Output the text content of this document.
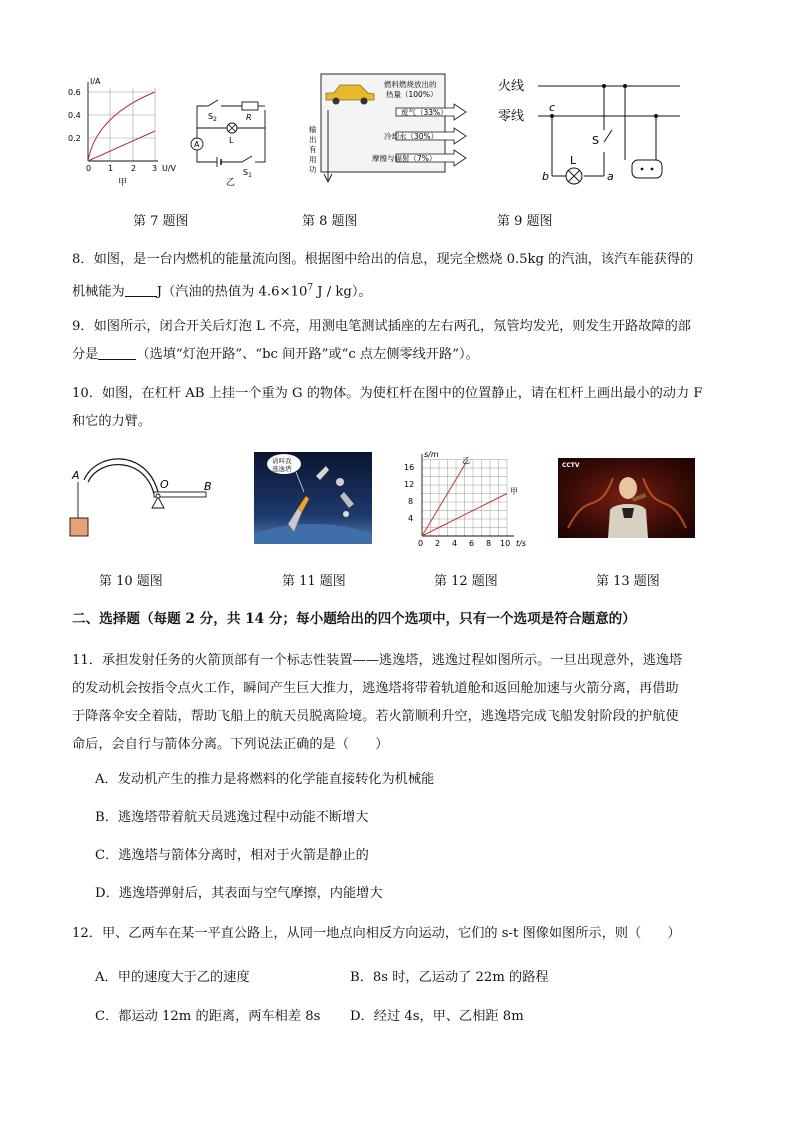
I/A
0.6
0.4
0.2
0 1 2 3 U/V
甲
A
$S_2$	R
L
$S_1$
乙
燃料燃烧放出的
热量（100%）
废气（33%）
冷却水（30%）
摩擦与辐射（7%）
输
出
有
用
功
火线
零线
c
S
L
b	a
第 7 题图	第 8 题图	第 9 题图
8．如图，是一台内燃机的能量流向图。根据图中给出的信息，现完全燃烧 0.5kg 的汽油，该汽车能获得的
机械能为 J（汽油的热值为 $4.6\times 10^7$ J / kg）。
9．如图所示，闭合开关后灯泡 L 不亮，用测电笔测试插座的左右两孔，氖管均发光，则发生开路故障的部
分是	（选填“灯泡开路”、“bc 间开路”或“c 点左侧零线开路”）。
10．如图，在杠杆 AB 上挂一个重为 G 的物体。为使杠杆在图中的位置静止，请在杠杆上画出最小的动力 F
和它的力臂。
A
O	B
请叫我
逃逸塔
s/m
t/s
16
12
8
4
0 2 4 6 8 10
乙
甲
CCTV
第 10 题图	第 11 题图	第 12 题图	第 13 题图
二、选择题（每题 2 分，共 14 分；每小题给出的四个选项中，只有一个选项是符合题意的）
11．承担发射任务的火箭顶部有一个标志性装置——逃逸塔，逃逸过程如图所示。一旦出现意外，逃逸塔
的发动机会按指令点火工作，瞬间产生巨大推力，逃逸塔将带着轨道舱和返回舱加速与火箭分离，再借助
于降落伞安全着陆，帮助飞船上的航天员脱离险境。若火箭顺利升空，逃逸塔完成飞船发射阶段的护航使
命后，会自行与箭体分离。下列说法正确的是（　　）
A．发动机产生的推力是将燃料的化学能直接转化为机械能
B．逃逸塔带着航天员逃逸过程中动能不断增大
C．逃逸塔与箭体分离时，相对于火箭是静止的
D．逃逸塔弹射后，其表面与空气摩擦，内能增大
12．甲、乙两车在某一平直公路上，从同一地点向相反方向运动，它们的 s-t 图像如图所示，则（　　）
A．甲的速度大于乙的速度	B．8s 时，乙运动了 22m 的路程
C．都运动 12m 的距离，两车相差 8s D．经过 4s，甲、乙相距 8m
